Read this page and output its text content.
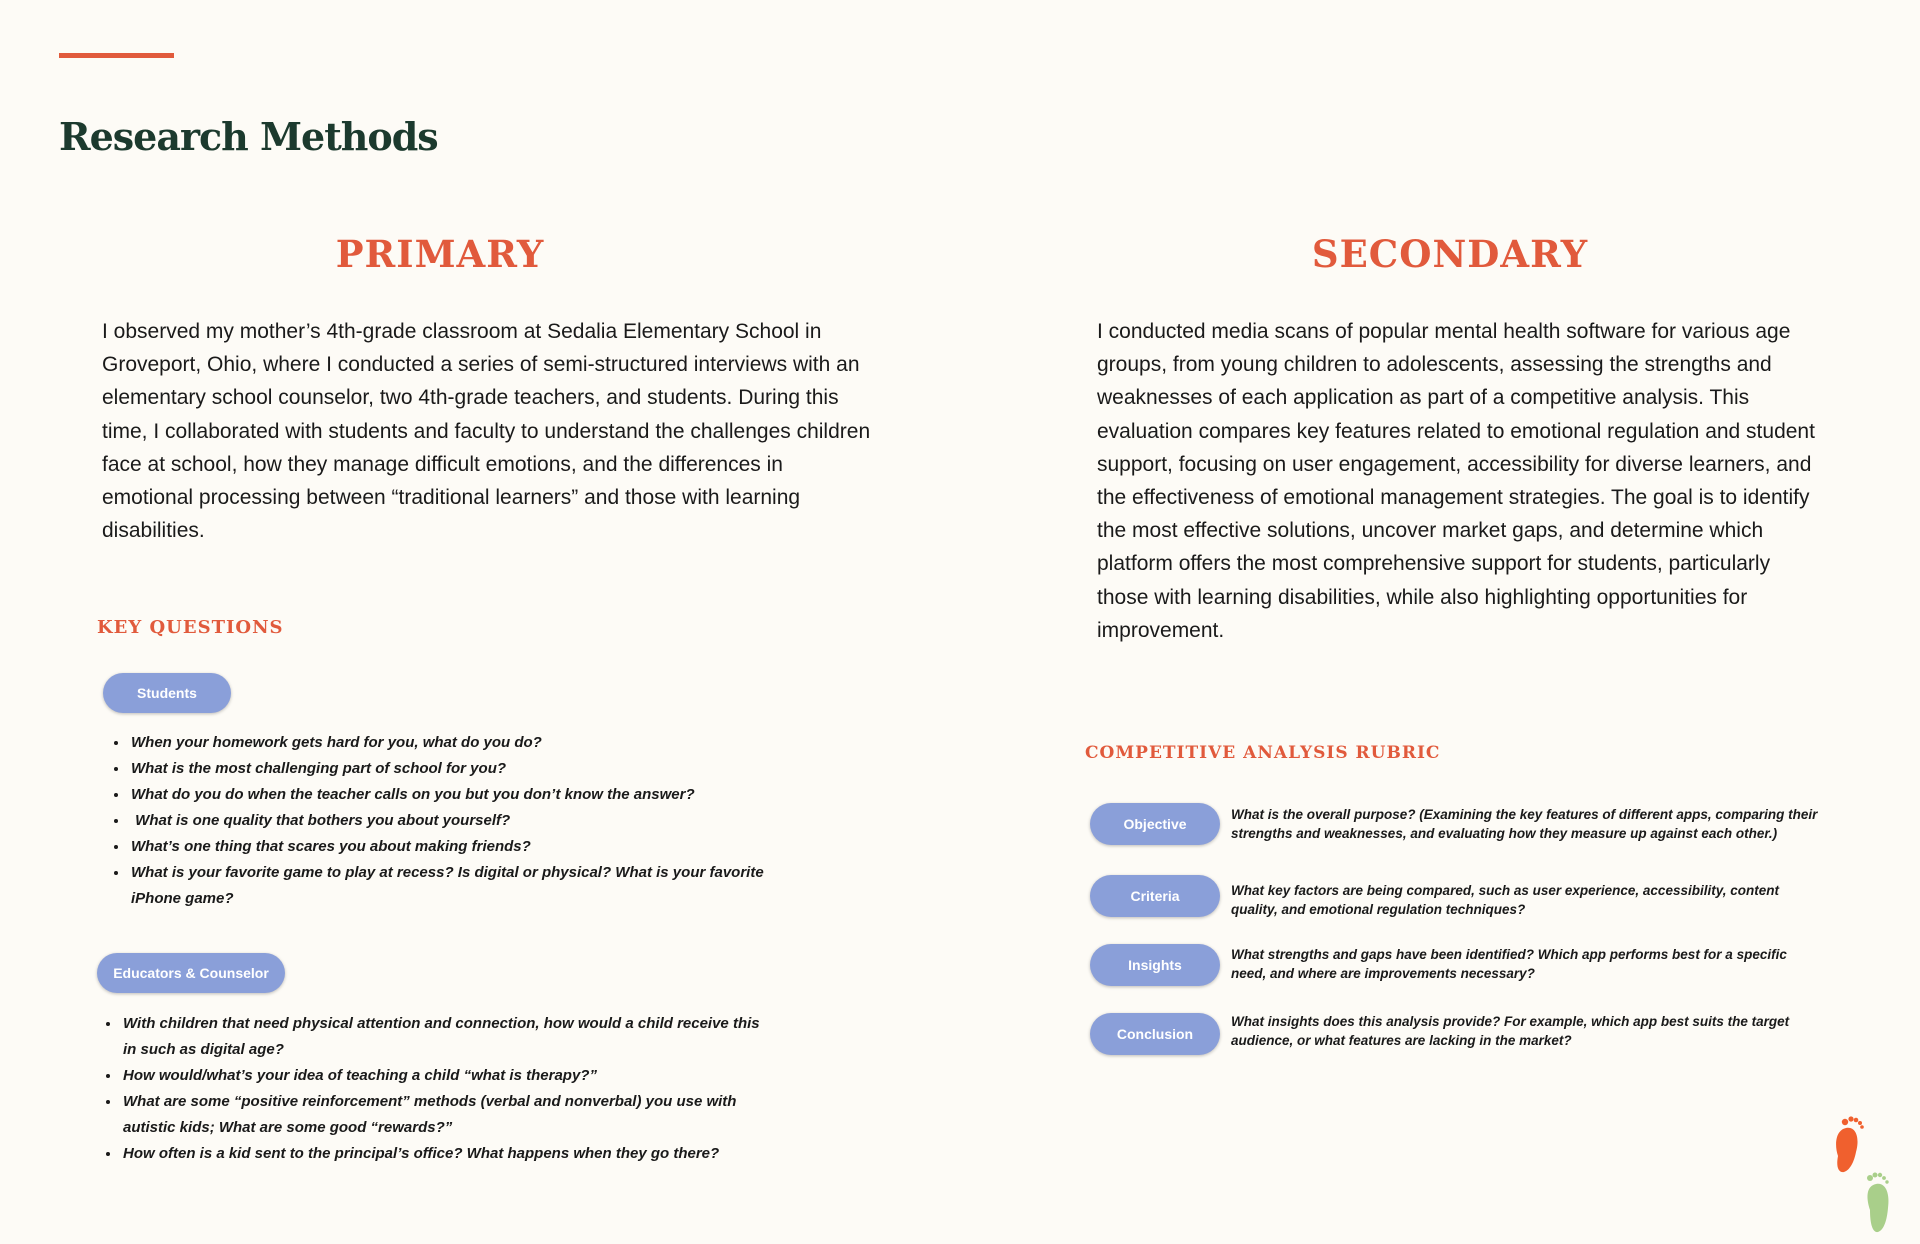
Research Methods
PRIMARY

I observed my mother’s 4th-grade classroom at Sedalia Elementary School in Groveport, Ohio, where I conducted a series of semi-structured interviews with an elementary school counselor, two 4th-grade teachers, and students. During this time, I collaborated with students and faculty to understand the challenges children face at school, how they manage difficult emotions, and the differences in emotional processing between “traditional learners” and those with learning disabilities.

KEY QUESTIONS
Students
• When your homework gets hard for you, what do you do?
• What is the most challenging part of school for you?
• What do you do when the teacher calls on you but you don’t know the answer?
•  What is one quality that bothers you about yourself?
• What’s one thing that scares you about making friends?
• What is your favorite game to play at recess? Is digital or physical? What is your favorite iPhone game?
Educators & Counselor
• With children that need physical attention and connection, how would a child receive this in such as digital age?
• How would/what’s your idea of teaching a child “what is therapy?”
• What are some “positive reinforcement” methods (verbal and nonverbal) you use with autistic kids; What are some good “rewards?”
• How often is a kid sent to the principal’s office? What happens when they go there?
SECONDARY

I conducted media scans of popular mental health software for various age groups, from young children to adolescents, assessing the strengths and weaknesses of each application as part of a competitive analysis. This evaluation compares key features related to emotional regulation and student support, focusing on user engagement, accessibility for diverse learners, and the effectiveness of emotional management strategies. The goal is to identify the most effective solutions, uncover market gaps, and determine which platform offers the most comprehensive support for students, particularly those with learning disabilities, while also highlighting opportunities for improvement.

COMPETITIVE ANALYSIS RUBRIC
Objective

What is the overall purpose? (Examining the key features of different apps, comparing their strengths and weaknesses, and evaluating how they measure up against each other.)

Criteria	What key factors are being compared, such as user experience, accessibility, content quality, and emotional regulation techniques?

Insights

What strengths and gaps have been identified? Which app performs best for a specific need, and where are improvements necessary?

Conclusion

What insights does this analysis provide? For example, which app best suits the target audience, or what features are lacking in the market?
